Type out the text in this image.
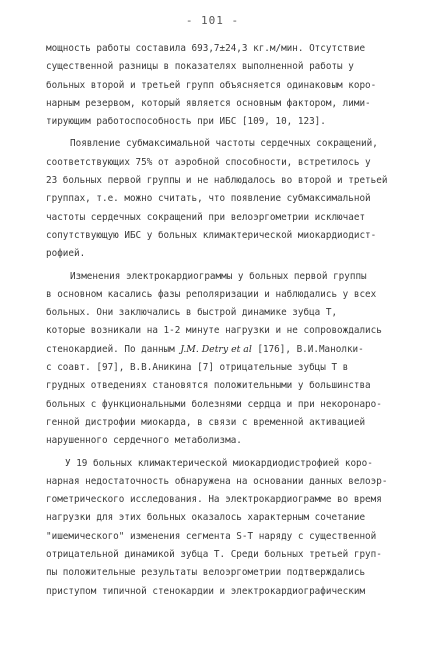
- 101 -
мощность работы составила 693,7±24,3 кг.м/мин. Отсутствие
существенной разницы в показателях выполненной работы у
больных второй и третьей групп объясняется одинаковым коро-
нарным резервом, который является основным фактором, лими-
тирующим работоспособность при ИБС [109, 10, 123].
Появление субмаксимальной частоты сердечных сокращений,
соответствующих 75% от аэробной способности, встретилось у
23 больных первой группы и не наблюдалось во второй и третьей
группах, т.е. можно считать, что появление субмаксимальной
частоты сердечных сокращений при велоэргометрии исключает
сопутствующую ИБС у больных климактерической миокардиодист-
рофией.
Изменения электрокардиограммы у больных первой группы
в основном касались фазы реполяризации и наблюдались у всех
больных. Они заключались в быстрой динамике зубца Т,
которые возникали на 1-2 минуте нагрузки и не сопровождались
стенокардией. По данным J.M. Detry et al [176], В.И.Манолки-
с соавт. [97], В.В.Аникина [7] отрицательные зубцы Т в
грудных отведениях становятся положительными у большинства
больных с функциональными болезнями сердца и при некоронаро-
генной дистрофии миокарда, в связи с временной активацией
нарушенного сердечного метаболизма.
У 19 больных климактерической миокардиодистрофией коро-
нарная недостаточность обнаружена на основании данных велоэр-
гометрического исследования. На электрокардиограмме во время
нагрузки для этих больных оказалось характерным сочетание
"ишемического" изменения сегмента S-T наряду с существенной
отрицательной динамикой зубца Т. Среди больных третьей груп-
пы положительные результаты велоэргометрии подтверждались
приступом типичной стенокардии и электрокардиографическим
